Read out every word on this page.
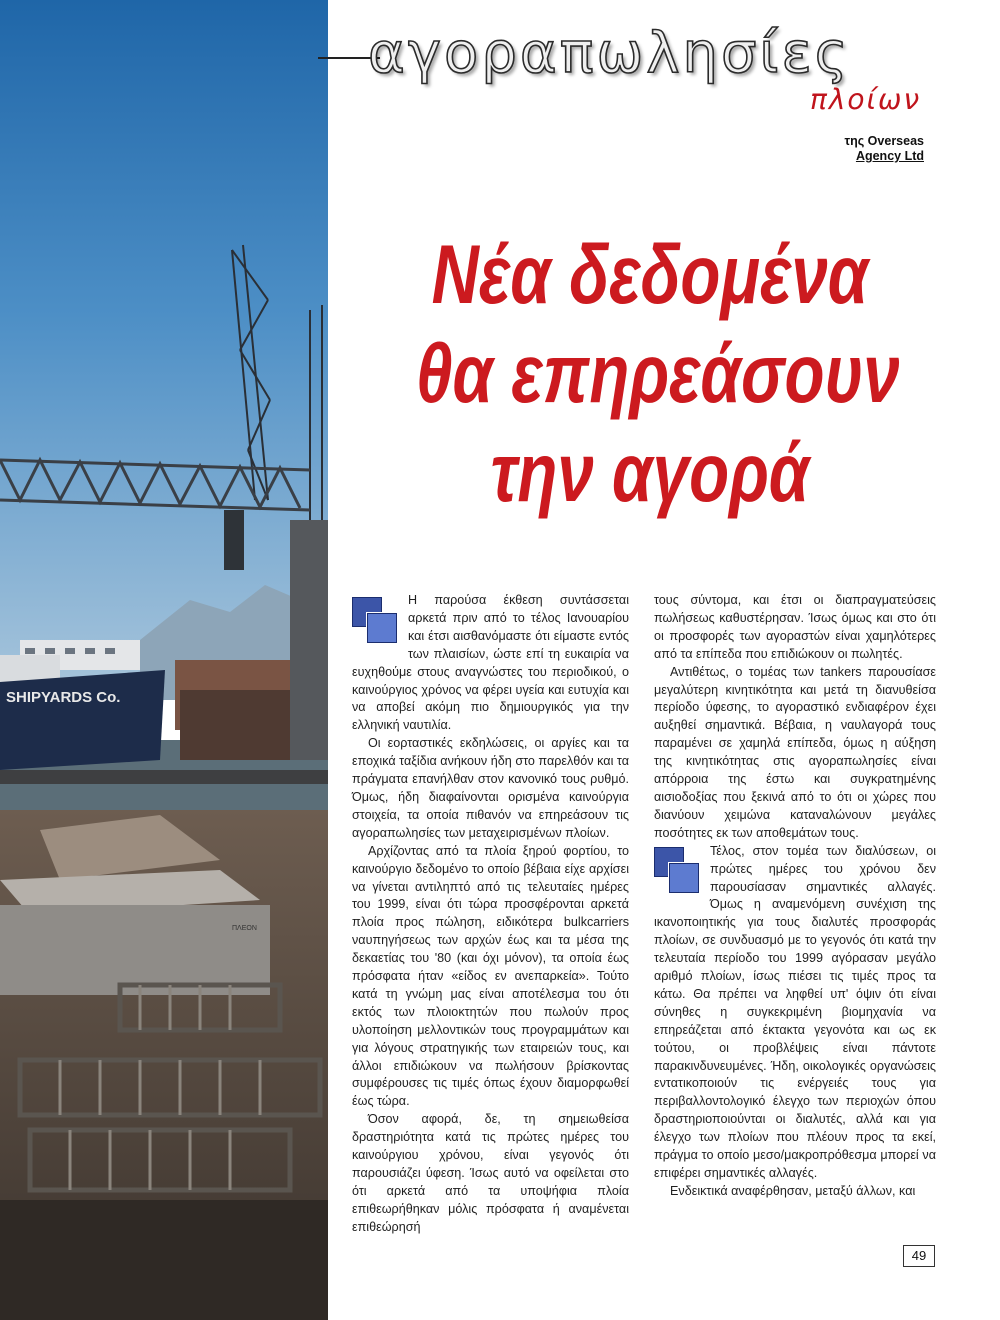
SHIPYARDS Co.
ΠΛΕΟΝ
αγοραπωλησίες
πλοίων
της Overseas
Agency Ltd
Νέα δεδομένα
θα επηρεάσουν
την αγορά

Η παρούσα έκθεση συντάσσεται αρκετά πριν από το τέλος Ιανουαρίου και έτσι αισθανόμαστε ότι είμαστε εντός των πλαισίων, ώστε επί τη ευκαιρία να ευχηθούμε στους αναγνώστες του περιοδικού, ο καινούργιος χρόνος να φέρει υγεία και ευτυχία και να αποβεί ακόμη πιο δημιουργικός για την ελληνική ναυτιλία.

Οι εορταστικές εκδηλώσεις, οι αργίες και τα εποχικά ταξίδια ανήκουν ήδη στο παρελθόν και τα πράγματα επανήλθαν στον κανονικό τους ρυθμό. Όμως, ήδη διαφαίνονται ορισμένα καινούργια στοιχεία, τα οποία πιθανόν να επηρεάσουν τις αγοραπωλησίες των μεταχειρισμένων πλοίων.

Αρχίζοντας από τα πλοία ξηρού φορτίου, το καινούργιο δεδομένο το οποίο βέβαια είχε αρχίσει να γίνεται αντιληπτό από τις τελευταίες ημέρες του 1999, είναι ότι τώρα προσφέρονται αρκετά πλοία προς πώληση, ειδικότερα bulkcarriers ναυπηγήσεως των αρχών έως και τα μέσα της δεκαετίας του '80 (και όχι μόνον), τα οποία έως πρόσφατα ήταν «είδος εν ανεπαρκεία». Τούτο κατά τη γνώμη μας είναι αποτέλεσμα του ότι εκτός των πλοιοκτητών που πωλούν προς υλοποίηση μελλοντικών τους προγραμμάτων και για λόγους στρατηγικής των εταιρειών τους, και άλλοι επιδιώκουν να πωλήσουν βρίσκοντας συμφέρουσες τις τιμές όπως έχουν διαμορφωθεί έως τώρα.

Όσον αφορά, δε, τη σημειωθείσα δραστηριότητα κατά τις πρώτες ημέρες του καινούργιου χρόνου, είναι γεγονός ότι παρουσιάζει ύφεση. Ίσως αυτό να οφείλεται στο ότι αρκετά από τα υποψήφια πλοία επιθεωρήθηκαν μόλις πρόσφατα ή αναμένεται επιθεώρησή

τους σύντομα, και έτσι οι διαπραγματεύσεις πωλήσεως καθυστέρησαν. Ίσως όμως και στο ότι οι προσφορές των αγοραστών είναι χαμηλότερες από τα επίπεδα που επιδιώκουν οι πωλητές.

Αντιθέτως, ο τομέας των tankers παρουσίασε μεγαλύτερη κινητικότητα και μετά τη διανυθείσα περίοδο ύφεσης, το αγοραστικό ενδιαφέρον έχει αυξηθεί σημαντικά. Βέβαια, η ναυλαγορά τους παραμένει σε χαμηλά επίπεδα, όμως η αύξηση της κινητικότητας στις αγοραπωλησίες είναι απόρροια της έστω και συγκρατημένης αισιοδοξίας που ξεκινά από το ότι οι χώρες που διανύουν χειμώνα καταναλώνουν μεγάλες ποσότητες εκ των αποθεμάτων τους.

Τέλος, στον τομέα των διαλύσεων, οι πρώτες ημέρες του χρόνου δεν παρουσίασαν σημαντικές αλλαγές. Όμως η αναμενόμενη συνέχιση της ικανοποιητικής για τους διαλυτές προσφοράς πλοίων, σε συνδυασμό με το γεγονός ότι κατά την τελευταία περίοδο του 1999 αγόρασαν μεγάλο αριθμό πλοίων, ίσως πιέσει τις τιμές προς τα κάτω. Θα πρέπει να ληφθεί υπ' όψιν ότι είναι σύνηθες η συγκεκριμένη βιομηχανία να επηρεάζεται από έκτακτα γεγονότα και ως εκ τούτου, οι προβλέψεις είναι πάντοτε παρακινδυνευμένες. Ήδη, οικολογικές οργανώσεις εντατικοποιούν τις ενέργειές τους για περιβαλλοντολογικό έλεγχο των περιοχών όπου δραστηριοποιούνται οι διαλυτές, αλλά και για έλεγχο των πλοίων που πλέουν προς τα εκεί, πράγμα το οποίο μεσο/μακροπρόθεσμα μπορεί να επιφέρει σημαντικές αλλαγές.

Ενδεικτικά αναφέρθησαν, μεταξύ άλλων, και

49
